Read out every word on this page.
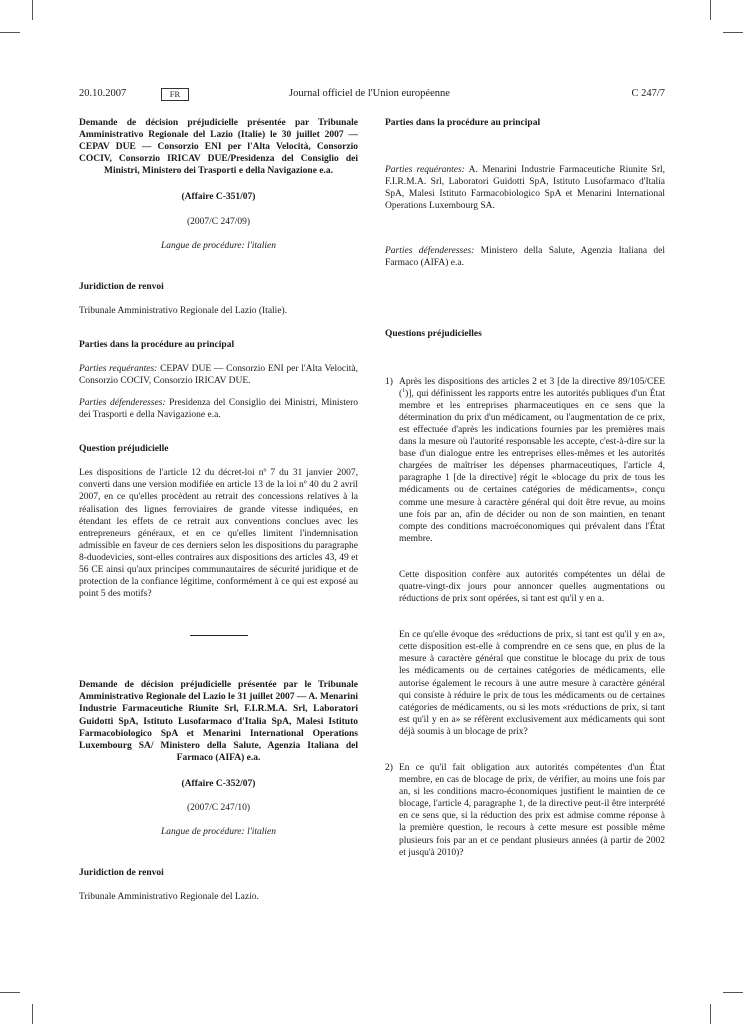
20.10.2007	FR	Journal officiel de l'Union européenne	C 247/7

Demande de décision préjudicielle présentée par Tribunale Amministrativo Regionale del Lazio (Italie) le 30 juillet 2007 — CEPAV DUE — Consorzio ENI per l'Alta Velocità, Consorzio COCIV, Consorzio IRICAV DUE/Presidenza del Consiglio dei Ministri, Ministero dei Trasporti e della Navigazione e.a.

(Affaire C-351/07)

(2007/C 247/09)

Langue de procédure: l'italien

Juridiction de renvoi

Tribunale Amministrativo Regionale del Lazio (Italie).

Parties dans la procédure au principal

Parties requérantes: CEPAV DUE — Consorzio ENI per l'Alta Velocità, Consorzio COCIV, Consorzio IRICAV DUE.

Parties défenderesses: Presidenza del Consiglio dei Ministri, Ministero dei Trasporti e della Navigazione e.a.

Question préjudicielle

Les dispositions de l'article 12 du décret-loi nº 7 du 31 janvier 2007, converti dans une version modifiée en article 13 de la loi nº 40 du 2 avril 2007, en ce qu'elles procèdent au retrait des concessions relatives à la réalisation des lignes ferroviaires de grande vitesse indiquées, en étendant les effets de ce retrait aux conventions conclues avec les entrepreneurs généraux, et en ce qu'elles limitent l'indemnisation admissible en faveur de ces derniers selon les dispositions du paragraphe 8-duodevicies, sont-elles contraires aux dispositions des articles 43, 49 et 56 CE ainsi qu'aux principes communautaires de sécurité juridique et de protection de la confiance légitime, conformément à ce qui est exposé au point 5 des motifs?

Demande de décision préjudicielle présentée par le Tribunale Amministrativo Regionale del Lazio le 31 juillet 2007 — A. Menarini Industrie Farmaceutiche Riunite Srl, F.I.R.M.A. Srl, Laboratori Guidotti SpA, Istituto Lusofarmaco d'Italia SpA, Malesi Istituto Farmacobiologico SpA et Menarini International Operations Luxembourg SA/ Ministero della Salute, Agenzia Italiana del Farmaco (AIFA) e.a.

(Affaire C-352/07)

(2007/C 247/10)

Langue de procédure: l'italien

Juridiction de renvoi

Tribunale Amministrativo Regionale del Lazio.

Parties dans la procédure au principal

Parties requérantes: A. Menarini Industrie Farmaceutiche Riunite Srl, F.I.R.M.A. Srl, Laboratori Guidotti SpA, Istituto Lusofarmaco d'Italia SpA, Malesi Istituto Farmacobiologico SpA et Menarini International Operations Luxembourg SA.

Parties défenderesses: Ministero della Salute, Agenzia Italiana del Farmaco (AIFA) e.a.

Questions préjudicielles
1) Après les dispositions des articles 2 et 3 [de la directive 89/105/CEE ($^1$)], qui définissent les rapports entre les autorités publiques d'un État membre et les entreprises pharmaceutiques en ce sens que la détermination du prix d'un médicament, ou l'augmentation de ce prix, est effectuée d'après les indications fournies par les premières mais dans la mesure où l'autorité responsable les accepte, c'est-à-dire sur la base d'un dialogue entre les entreprises elles-mêmes et les autorités chargées de maîtriser les dépenses pharmaceutiques, l'article 4, paragraphe 1 [de la directive] régit le «blocage du prix de tous les médicaments ou de certaines catégories de médicaments», conçu comme une mesure à caractère général qui doit être revue, au moins une fois par an, afin de décider ou non de son maintien, en tenant compte des conditions macroéconomiques qui prévalent dans l'État membre.

Cette disposition confère aux autorités compétentes un délai de quatre-vingt-dix jours pour annoncer quelles augmentations ou réductions de prix sont opérées, si tant est qu'il y en a.

En ce qu'elle évoque des «réductions de prix, si tant est qu'il y en a», cette disposition est-elle à comprendre en ce sens que, en plus de la mesure à caractère général que constitue le blocage du prix de tous les médicaments ou de certaines catégories de médicaments, elle autorise également le recours à une autre mesure à caractère général qui consiste à réduire le prix de tous les médicaments ou de certaines catégories de médicaments, ou si les mots «réductions de prix, si tant est qu'il y en a» se réfèrent exclusivement aux médicaments qui sont déjà soumis à un blocage de prix?

2) En ce qu'il fait obligation aux autorités compétentes d'un État membre, en cas de blocage de prix, de vérifier, au moins une fois par an, si les conditions macro-économiques justifient le maintien de ce blocage, l'article 4, paragraphe 1, de la directive peut-il être interprété en ce sens que, si la réduction des prix est admise comme réponse à la première question, le recours à cette mesure est possible même plusieurs fois par an et ce pendant plusieurs années (à partir de 2002 et jusqu'à 2010)?
